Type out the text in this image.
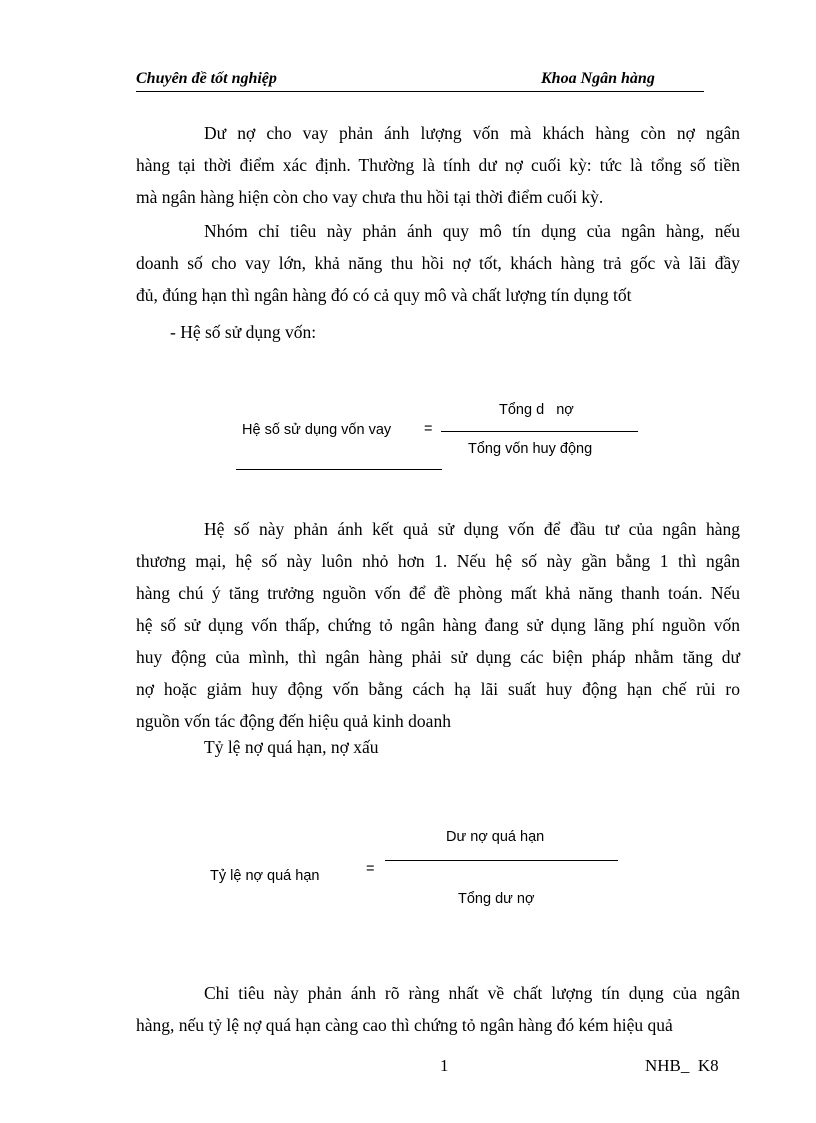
Chuyên đề tốt nghiệp	Khoa Ngân hàng
Dư nợ cho vay phản ánh lượng vốn mà khách hàng còn nợ ngân
hàng tại thời điểm xác định. Thường là tính dư nợ cuối kỳ: tức là tổng số tiền
mà ngân hàng hiện còn cho vay chưa thu hồi tại thời điểm cuối kỳ.
Nhóm chỉ tiêu này phản ánh quy mô tín dụng của ngân hàng, nếu
doanh số cho vay lớn, khả năng thu hồi nợ tốt, khách hàng trả gốc và lãi đầy
đủ, đúng hạn thì ngân hàng đó có cả quy mô và chất lượng tín dụng tốt
- Hệ số sử dụng vốn:
Hệ số sử dụng vốn vay =
Tổng d   nợ
Tổng vốn huy động
Hệ số này phản ánh kết quả sử dụng vốn để đầu tư của ngân hàng
thương mại, hệ số này luôn nhỏ hơn 1. Nếu hệ số này gần bằng 1 thì ngân
hàng chú ý tăng trưởng nguồn vốn để đề phòng mất khả năng thanh toán. Nếu
hệ số sử dụng vốn thấp, chứng tỏ ngân hàng đang sử dụng lãng phí nguồn vốn
huy động của mình, thì ngân hàng phải sử dụng các biện pháp nhằm tăng dư
nợ hoặc giảm huy động vốn bằng cách hạ lãi suất huy động hạn chế rủi ro
nguồn vốn tác động đến hiệu quả kinh doanh
Tỷ lệ nợ quá hạn, nợ xấu
Tỷ lệ nợ quá hạn	=
Dư nợ quá hạn
Tổng dư nợ
Chỉ tiêu này phản ánh rõ ràng nhất về chất lượng tín dụng của ngân
hàng, nếu tỷ lệ nợ quá hạn càng cao thì chứng tỏ ngân hàng đó kém hiệu quả
1	NHB_  K8
